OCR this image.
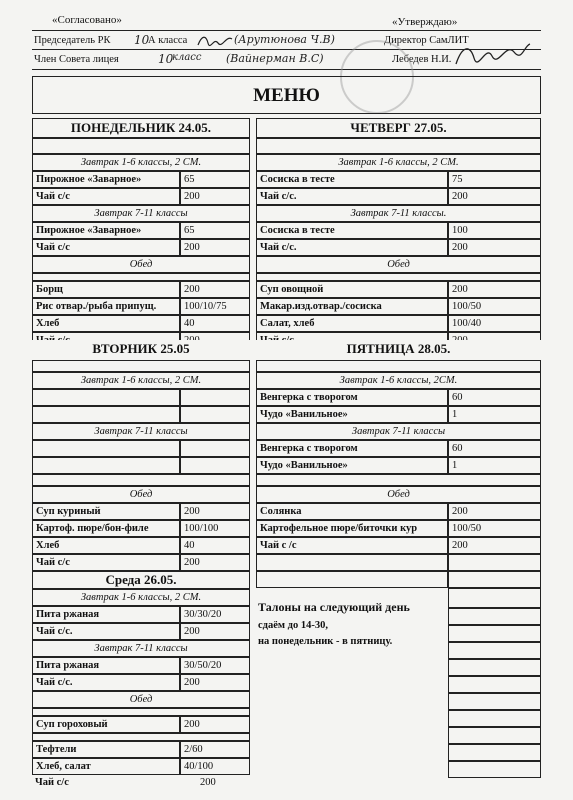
«Согласовано»	«Утверждаю»
Председатель РК 10
А класса	(Арутюнова Ч.В)	Директор СамЛИТ
Член Совета лицея	10
класс (Вайнерман В.С)	Лебедев Н.И.
МЕНЮ
ПОНЕДЕЛЬНИК 24.05.
Завтрак 1-6 классы, 2 СМ.
Пирожное «Заварное»	65
Чай с/с	200
Завтрак 7-11 классы
Пирожное «Заварное»	65
Чай с/с	200
Обед
Борщ	200
Рис отвар./рыба припущ.	100/10/75
Хлеб	40
ВТОРНИК 25.05
Завтрак 1-6 классы, 2 СМ.
Завтрак 7-11 классы
Обед
Суп куриный	200
Картоф. пюре/бон-филе	100/100
Хлеб	40
Чай с/с	200
Среда 26.05.
Завтрак 1-6 классы, 2 СМ.
Пита ржаная	30/30/20
Чай с/с.	200
Завтрак 7-11 классы
Пита ржаная	30/50/20
Чай с/с.	200
Обед
Суп гороховый	200
Тефтели	2/60
Хлеб, салат	40/100
Чай с/с	200
ЧЕТВЕРГ 27.05.
Завтрак 1-6 классы, 2 СМ.
Сосиска в тесте	75
Чай с/с.	200
Завтрак 7-11 классы.
Сосиска в тесте	100
Чай с/с.	200
Обед
Суп овощной	200
Макар.изд.отвар./сосиска	100/50
Салат, хлеб	100/40
ПЯТНИЦА 28.05.
Завтрак 1-6 классы, 2СМ.
Венгерка с творогом	60
Чудо «Ванильное»	1
Завтрак 7-11 классы
Венгерка с творогом	60
Чудо «Ванильное»	1
Обед
Солянка	200
Картофельное пюре/биточки кур	100/50
Чай с /с	200
Талоны на следующий день
сдаём до 14-30,
на понедельник - в пятницу.
